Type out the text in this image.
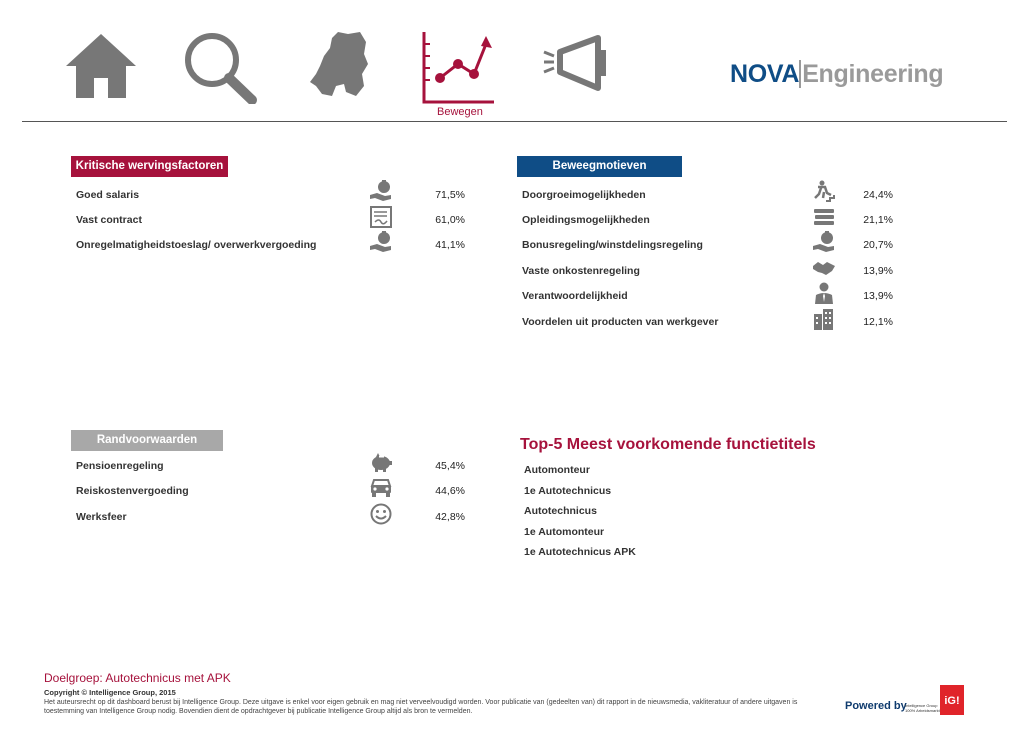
Bewegen
NOVA Engineering
Kritische wervingsfactoren
Goed salaris	71,5%
Vast contract	61,0%
Onregelmatigheidstoeslag/ overwerkvergoeding	41,1%
Beweegmotieven
Doorgroeimogelijkheden	24,4%
Opleidingsmogelijkheden	21,1%
Bonusregeling/winstdelingsregeling	20,7%
Vaste onkostenregeling	13,9%
Verantwoordelijkheid	13,9%
Voordelen uit producten van werkgever	12,1%
Randvoorwaarden
Pensioenregeling	45,4%
Reiskostenvergoeding	44,6%
Werksfeer	42,8%
Top-5 Meest voorkomende functietitels
Automonteur
1e Autotechnicus
Autotechnicus
1e Automonteur
1e Autotechnicus APK
Doelgroep: Autotechnicus met APK
Copyright © Intelligence Group, 2015
Het auteursrecht op dit dashboard berust bij Intelligence Group. Deze uitgave is enkel voor eigen gebruik en mag niet verveelvoudigd worden. Voor publicatie van (gedeelten van) dit rapport in de nieuwsmedia, vakliteratuur of andere uitgaven is toestemming van Intelligence Group nodig. Bovendien dient de opdrachtgever bij publicatie Intelligence Group altijd als bron te vermelden.	Powered by
Intelligence Group 100% Arbeidsmarkt
iG!
